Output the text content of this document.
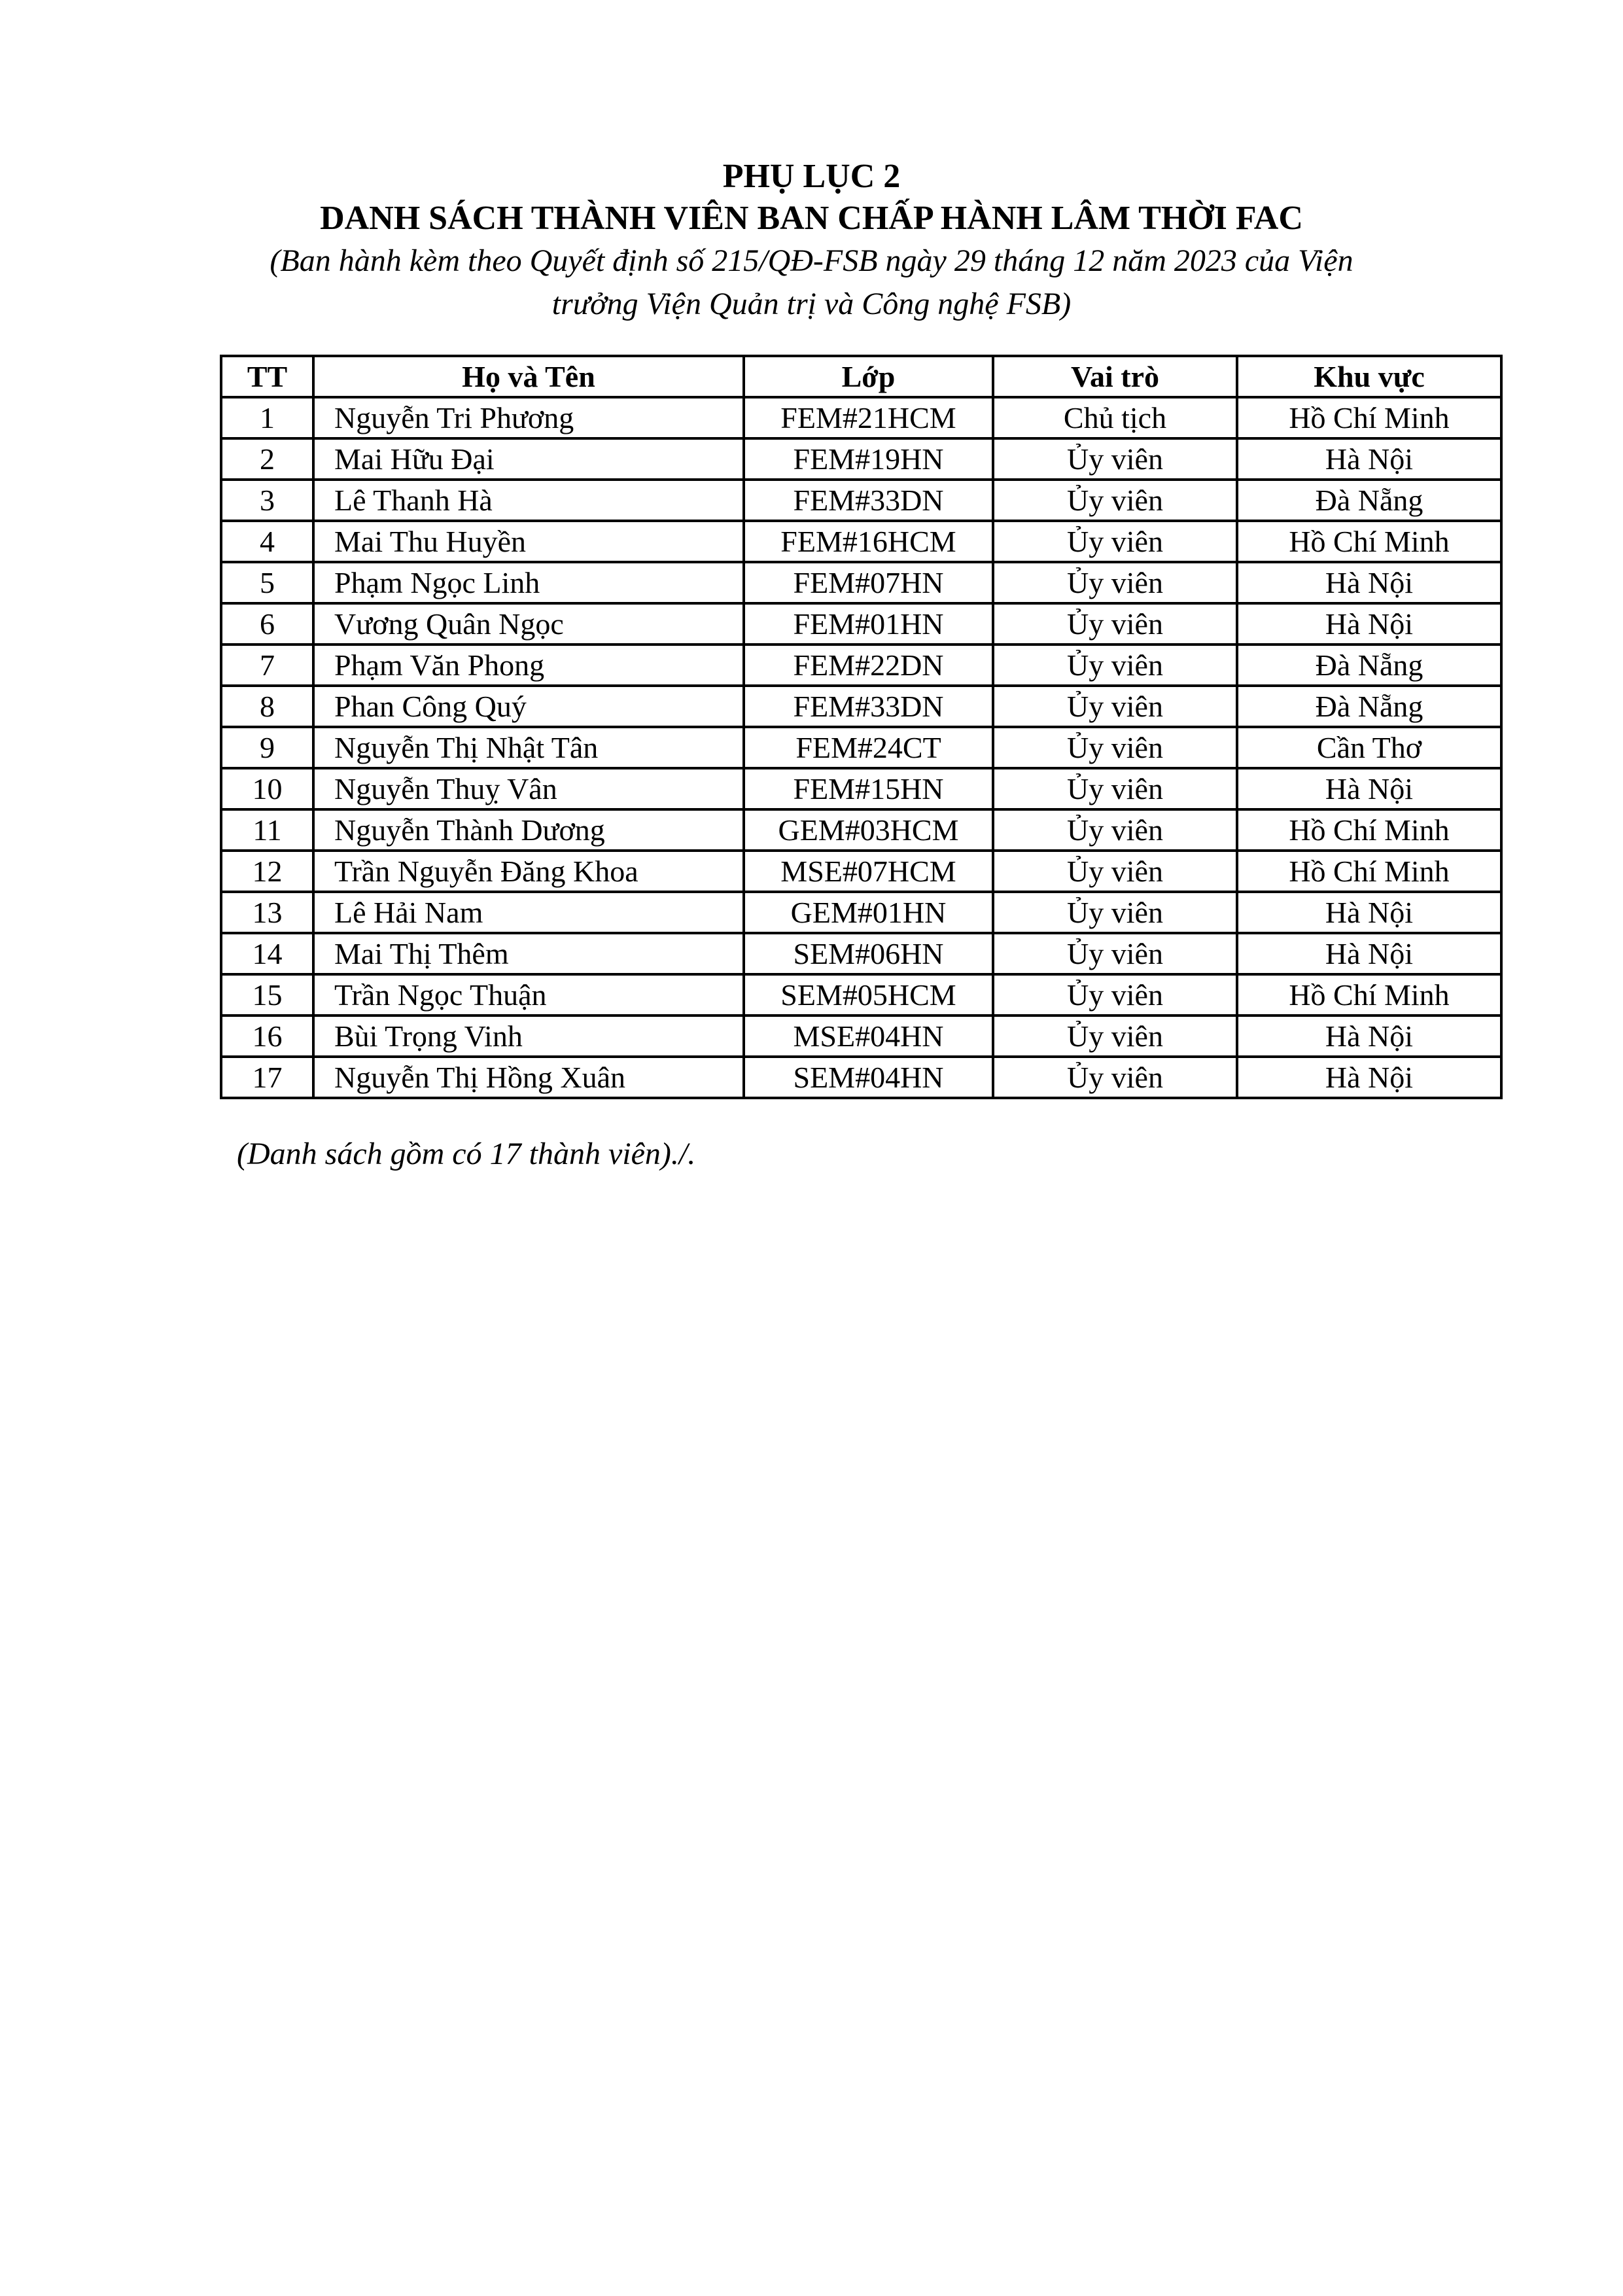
PHỤ LỤC 2

DANH SÁCH THÀNH VIÊN BAN CHẤP HÀNH LÂM THỜI FAC

(Ban hành kèm theo Quyết định số 215/QĐ-FSB ngày 29 tháng 12 năm 2023 của Viện

trưởng Viện Quản trị và Công nghệ FSB)

TT	Họ và Tên	Lớp	Vai trò	Khu vực
1	Nguyễn Tri Phương	FEM#21HCM	Chủ tịch	Hồ Chí Minh
2	Mai Hữu Đại	FEM#19HN	Ủy viên	Hà Nội
3	Lê Thanh Hà	FEM#33DN	Ủy viên	Đà Nẵng
4	Mai Thu Huyền	FEM#16HCM	Ủy viên	Hồ Chí Minh
5	Phạm Ngọc Linh	FEM#07HN	Ủy viên	Hà Nội
6	Vương Quân Ngọc	FEM#01HN	Ủy viên	Hà Nội
7	Phạm Văn Phong	FEM#22DN	Ủy viên	Đà Nẵng
8	Phan Công Quý	FEM#33DN	Ủy viên	Đà Nẵng
9	Nguyễn Thị Nhật Tân	FEM#24CT	Ủy viên	Cần Thơ
10	Nguyễn Thuỵ Vân	FEM#15HN	Ủy viên	Hà Nội
11	Nguyễn Thành Dương	GEM#03HCM	Ủy viên	Hồ Chí Minh
12	Trần Nguyễn Đăng Khoa	MSE#07HCM	Ủy viên	Hồ Chí Minh
13	Lê Hải Nam	GEM#01HN	Ủy viên	Hà Nội
14	Mai Thị Thêm	SEM#06HN	Ủy viên	Hà Nội
15	Trần Ngọc Thuận	SEM#05HCM	Ủy viên	Hồ Chí Minh
16	Bùi Trọng Vinh	MSE#04HN	Ủy viên	Hà Nội
17	Nguyễn Thị Hồng Xuân	SEM#04HN	Ủy viên	Hà Nội

(Danh sách gồm có 17 thành viên)./.
